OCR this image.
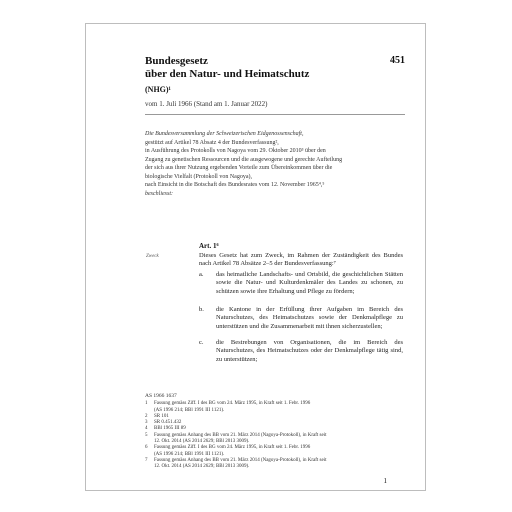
Bundesgesetz
über den Natur- und Heimatschutz
(NHG)¹
451
vom 1. Juli 1966 (Stand am 1. Januar 2022)
Die Bundesversammlung der Schweizerischen Eidgenossenschaft,
gestützt auf Artikel 78 Absatz 4 der Bundesverfassung²,
in Ausführung des Protokolls von Nagoya vom 29. Oktober 2010³ über den
Zugang zu genetischen Ressourcen und die ausgewogene und gerechte Aufteilung
der sich aus ihrer Nutzung ergebenden Vorteile zum Übereinkommen über die
biologische Vielfalt (Protokoll von Nagoya),
nach Einsicht in die Botschaft des Bundesrates vom 12. November 1965⁴,⁵
beschliesst:
Art. 1⁶
Zweck	Dieses Gesetz hat zum Zweck, im Rahmen der Zuständigkeit des Bundes nach Artikel 78 Absätze 2–5 der Bundesverfassung:⁷
a. das heimatliche Landschafts- und Ortsbild, die geschichtlichen Stätten sowie die Natur- und Kulturdenkmäler des Landes zu schonen, zu schützen sowie ihre Erhaltung und Pflege zu fördern;
b. die Kantone in der Erfüllung ihrer Aufgaben im Bereich des Naturschutzes, des Heimatschutzes sowie der Denkmalpflege zu unterstützen und die Zusammenarbeit mit ihnen sicherzustellen;
c. die Bestrebungen von Organisationen, die im Bereich des Naturschutzes, des Heimatschutzes oder der Denkmalpflege tätig sind, zu unterstützen;
AS 1966 1637
1	Fassung gemäss Ziff. I des BG vom 24. März 1995, in Kraft seit 1. Febr. 1996
(AS 1996 214; BBl 1991 III 1121).
2	SR 101
3	SR 0.451.432
4	BBl 1965 III 89
5	Fassung gemäss Anhang des BB vom 21. März 2014 (Nagoya-Protokoll), in Kraft seit
12. Okt. 2014 (AS 2014 2629; BBl 2013 3009).
6	Fassung gemäss Ziff. I des BG vom 24. März 1995, in Kraft seit 1. Febr. 1996
(AS 1996 214; BBl 1991 III 1121).
7	Fassung gemäss Anhang des BB vom 21. März 2014 (Nagoya-Protokoll), in Kraft seit
12. Okt. 2014 (AS 2014 2629; BBl 2013 3009).
1
